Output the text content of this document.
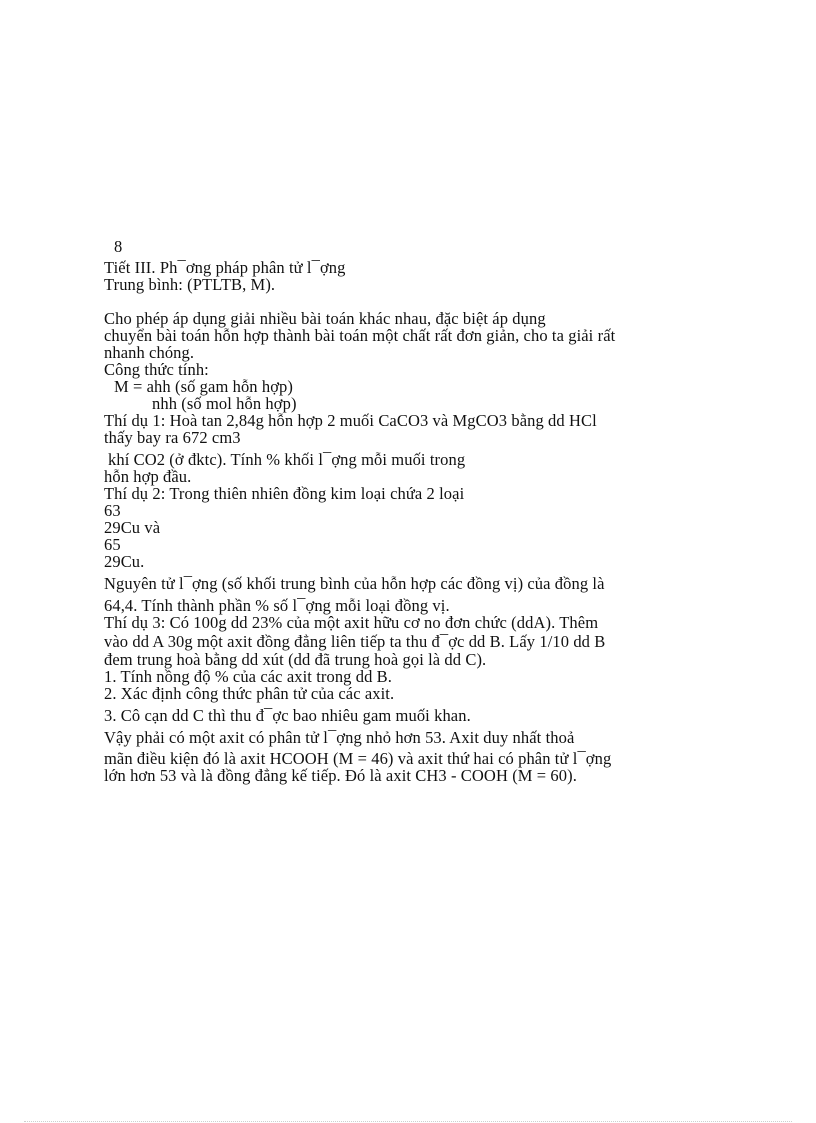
8
Tiết III. Ph¯ơng pháp phân tử l¯ợng
Trung bình: (PTLTB, M).
Cho phép áp dụng giải nhiều bài toán khác nhau, đặc biệt áp dụng
chuyển bài toán hỗn hợp thành bài toán một chất rất đơn giản, cho ta giải rất
nhanh chóng.
Công thức tính:
M = ahh (số gam hỗn hợp)
nhh (số mol hỗn hợp)
Thí dụ 1: Hoà tan 2,84g hỗn hợp 2 muối CaCO3 và MgCO3 bằng dd HCl
thấy bay ra 672 cm3
khí CO2 (ở đktc). Tính % khối l¯ợng mỗi muối trong
hỗn hợp đầu.
Thí dụ 2: Trong thiên nhiên đồng kim loại chứa 2 loại
63
29Cu và
65
29Cu.
Nguyên tử l¯ợng (số khối trung bình của hỗn hợp các đồng vị) của đồng là
64,4. Tính thành phần % số l¯ợng mỗi loại đồng vị.
Thí dụ 3: Có 100g dd 23% của một axit hữu cơ no đơn chức (ddA). Thêm
vào dd A 30g một axit đồng đẳng liên tiếp ta thu đ¯ợc dd B. Lấy 1/10 dd B
đem trung hoà bằng dd xút (dd đã trung hoà gọi là dd C).
1. Tính nồng độ % của các axit trong dd B.
2. Xác định công thức phân tử của các axit.
3. Cô cạn dd C thì thu đ¯ợc bao nhiêu gam muối khan.
Vậy phải có một axit có phân tử l¯ợng nhỏ hơn 53. Axit duy nhất thoả
mãn điều kiện đó là axit HCOOH (M = 46) và axit thứ hai có phân tử l¯ợng
lớn hơn 53 và là đồng đẳng kế tiếp. Đó là axit CH3 - COOH (M = 60).
